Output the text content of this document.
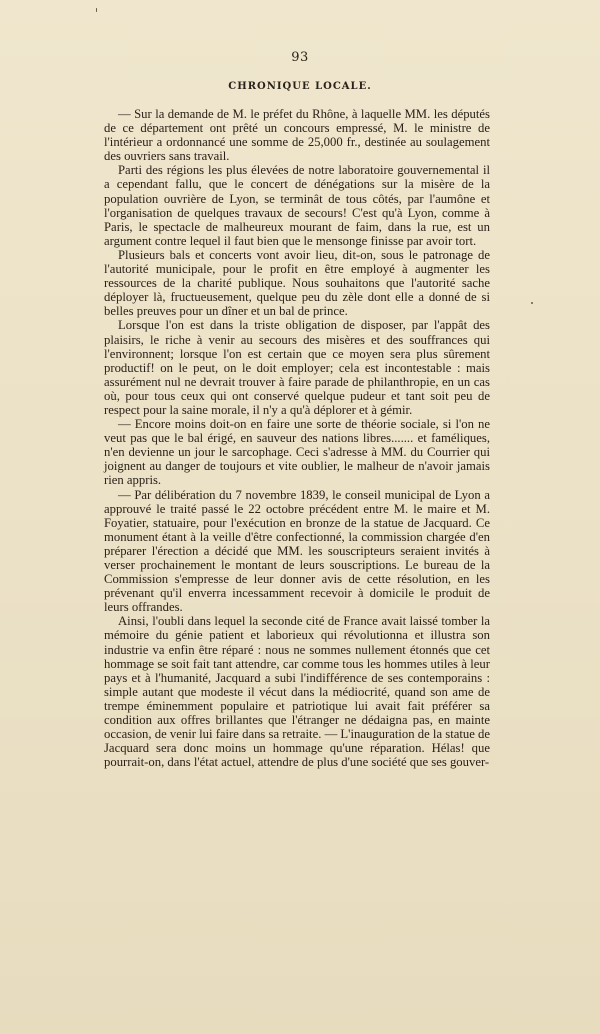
93
CHRONIQUE LOCALE.

— Sur la demande de M. le préfet du Rhône, à laquelle MM. les députés de ce département ont prêté un concours empressé, M. le ministre de l'intérieur a ordonnancé une somme de 25,000 fr., destinée au soulagement des ouvriers sans travail.

Parti des régions les plus élevées de notre laboratoire gouvernemental il a cependant fallu, que le concert de dénégations sur la misère de la population ouvrière de Lyon, se terminât de tous côtés, par l'aumône et l'organisation de quelques travaux de secours! C'est qu'à Lyon, comme à Paris, le spectacle de malheureux mourant de faim, dans la rue, est un argument contre lequel il faut bien que le mensonge finisse par avoir tort.

Plusieurs bals et concerts vont avoir lieu, dit-on, sous le patronage de l'autorité municipale, pour le profit en être employé à augmenter les ressources de la charité publique. Nous souhaitons que l'autorité sache déployer là, fructueusement, quelque peu du zèle dont elle a donné de si belles preuves pour un dîner et un bal de prince.

Lorsque l'on est dans la triste obligation de disposer, par l'appât des plaisirs, le riche à venir au secours des misères et des souffrances qui l'environnent; lorsque l'on est certain que ce moyen sera plus sûrement productif! on le peut, on le doit employer; cela est incontestable : mais assurément nul ne devrait trouver à faire parade de philanthropie, en un cas où, pour tous ceux qui ont conservé quelque pudeur et tant soit peu de respect pour la saine morale, il n'y a qu'à déplorer et à gémir.

— Encore moins doit-on en faire une sorte de théorie sociale, si l'on ne veut pas que le bal érigé, en sauveur des nations libres....... et faméliques, n'en devienne un jour le sarcophage. Ceci s'adresse à MM. du Courrier qui joignent au danger de toujours et vite oublier, le malheur de n'avoir jamais rien appris.

— Par délibération du 7 novembre 1839, le conseil municipal de Lyon a approuvé le traité passé le 22 octobre précédent entre M. le maire et M. Foyatier, statuaire, pour l'exécution en bronze de la statue de Jacquard. Ce monument étant à la veille d'être confectionné, la commission chargée d'en préparer l'érection a décidé que MM. les souscripteurs seraient invités à verser prochainement le montant de leurs souscriptions. Le bureau de la Commission s'empresse de leur donner avis de cette résolution, en les prévenant qu'il enverra incessamment recevoir à domicile le produit de leurs offrandes.

Ainsi, l'oubli dans lequel la seconde cité de France avait laissé tomber la mémoire du génie patient et laborieux qui révolutionna et illustra son industrie va enfin être réparé : nous ne sommes nullement étonnés que cet hommage se soit fait tant attendre, car comme tous les hommes utiles à leur pays et à l'humanité, Jacquard a subi l'indifférence de ses contemporains : simple autant que modeste il vécut dans la médiocrité, quand son ame de trempe éminemment populaire et patriotique lui avait fait préférer sa condition aux offres brillantes que l'étranger ne dédaigna pas, en mainte occasion, de venir lui faire dans sa retraite. — L'inauguration de la statue de Jacquard sera donc moins un hommage qu'une réparation. Hélas! que pourrait-on, dans l'état actuel, attendre de plus d'une société que ses gouver-
